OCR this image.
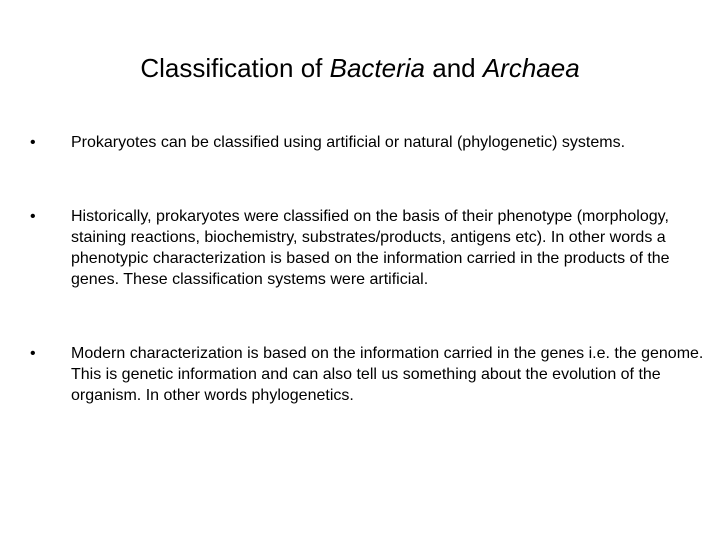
Classification of Bacteria and Archaea
•	Prokaryotes can be classified using artificial or natural (phylogenetic) systems.
•	Historically, prokaryotes were classified on the basis of their phenotype (morphology, staining reactions, biochemistry, substrates/products, antigens etc). In other words a phenotypic characterization is based on the information carried in the products of the genes. These classification systems were artificial.
•	Modern characterization is based on the information carried in the genes i.e. the genome. This is genetic information and can also tell us something about the evolution of the organism. In other words phylogenetics.
